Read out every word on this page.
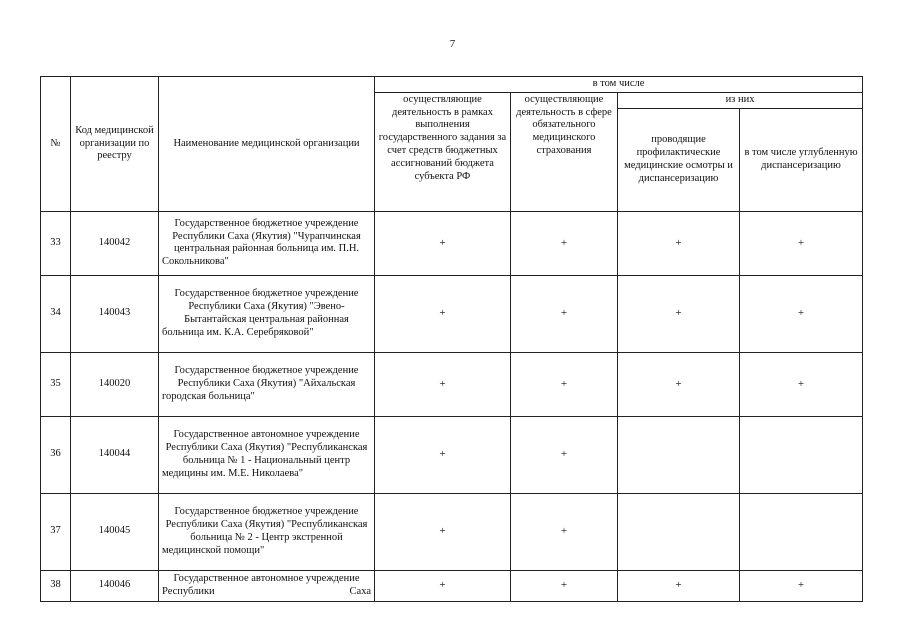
7
№	Код медицинской организации по реестру	Наименование медицинской организации	в том числе			
			осуществляющие деятельность в рамках выполнения государственного задания за счет средств бюджетных ассигнований бюджета субъекта РФ	осуществляющие деятельность в сфере обязательного медицинского страхования	из них	
					проводящие профилактические медицинские осмотры и диспансеризацию	в том числе углубленную диспансеризацию
33	140042	Государственное бюджетное учреждение Республики Саха (Якутия) "Чурапчинская центральная районная больница им. П.Н. Сокольникова"	+	+	+	+
34	140043	Государственное бюджетное учреждение Республики Саха (Якутия) "Эвено-Бытантайская центральная районная больница им. К.А. Серебряковой"	+	+	+	+
35	140020	Государственное бюджетное учреждение Республики Саха (Якутия) "Айхальская городская больница"	+	+	+	+
36	140044	Государственное автономное учреждение Республики Саха (Якутия) "Республиканская больница № 1 - Национальный центр медицины им. М.Е. Николаева"	+	+		
37	140045	Государственное бюджетное учреждение Республики Саха (Якутия) "Республиканская больница № 2 - Центр экстренной медицинской помощи"	+	+		
38	140046	Государственное автономное учреждение Республики Саха	+	+	+	+
